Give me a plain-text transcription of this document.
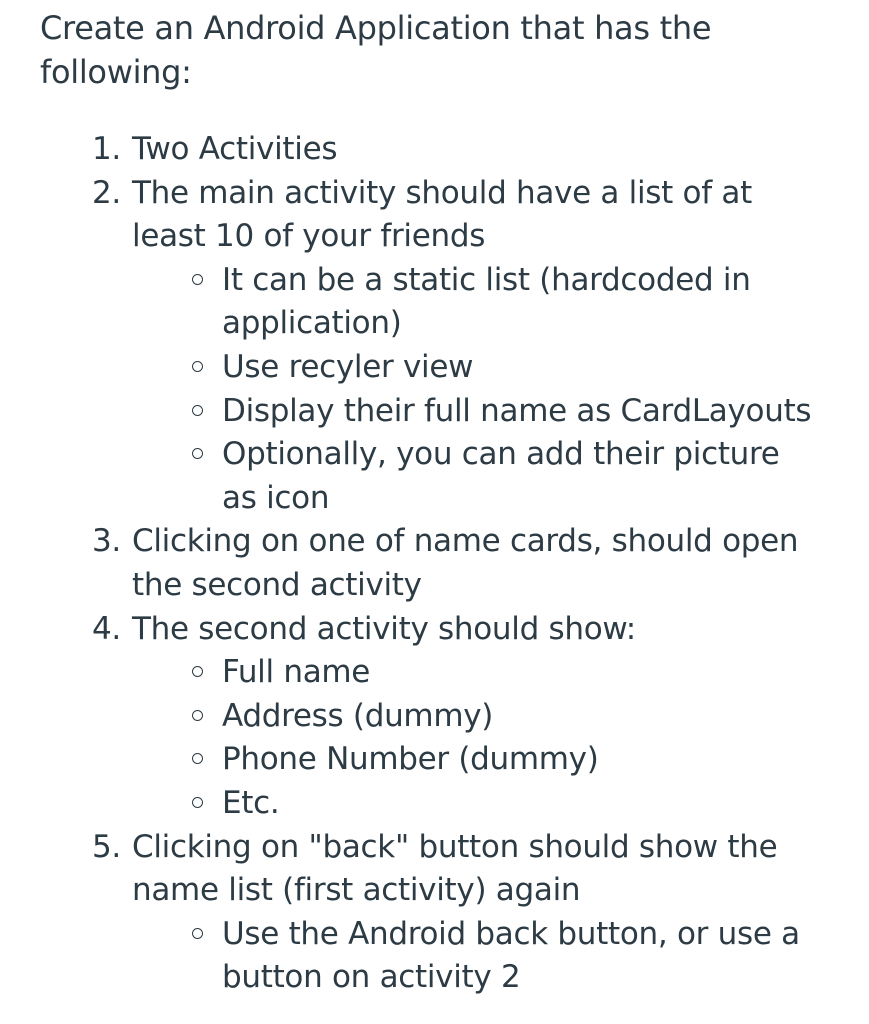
Create an Android Application that has the
following:

1. Two Activities
2. The main activity should have a list of at
least 10 of your friends
It can be a static list (hardcoded in
application)
Use recyler view
Display their full name as CardLayouts
Optionally, you can add their picture
as icon
3. Clicking on one of name cards, should open
the second activity
4. The second activity should show:
Full name
Address (dummy)
Phone Number (dummy)
Etc.
5. Clicking on "back" button should show the
name list (first activity) again
Use the Android back button, or use a
button on activity 2
